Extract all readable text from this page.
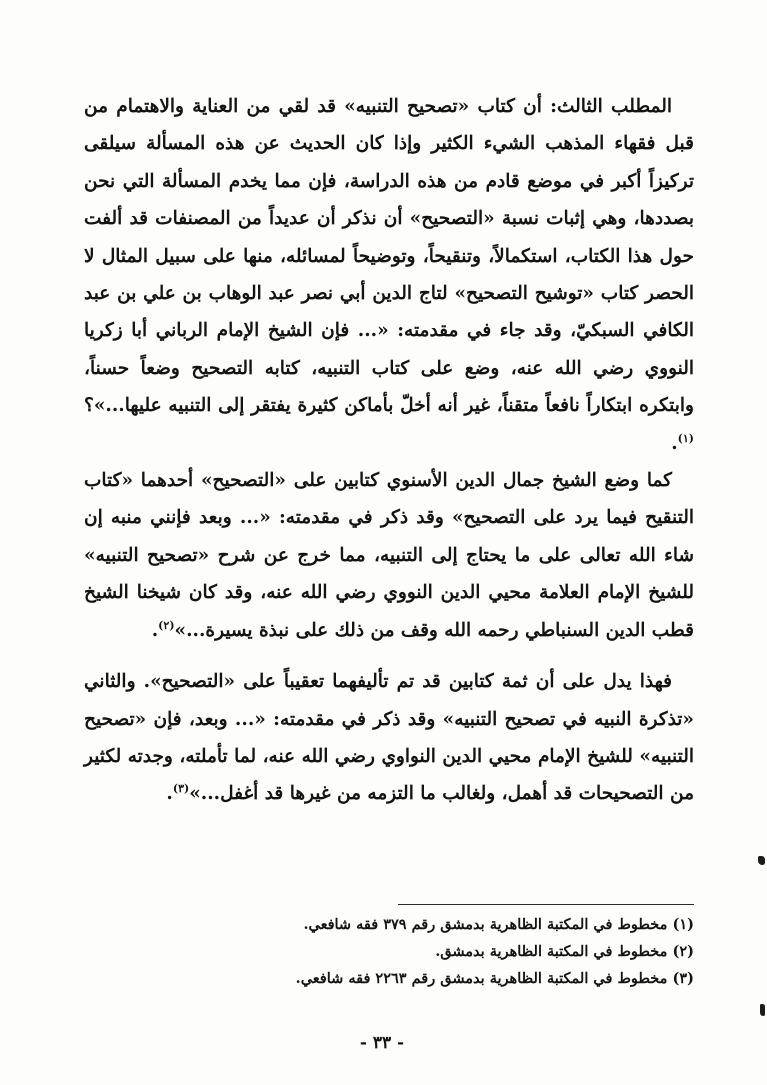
المطلب الثالث: أن كتاب «تصحيح التنبيه» قد لقي من العناية والاهتمام من قبل فقهاء المذهب الشيء الكثير وإذا كان الحديث عن هذه المسألة سيلقى تركيزاً أكبر في موضع قادم من هذه الدراسة، فإن مما يخدم المسألة التي نحن بصددها، وهي إثبات نسبة «التصحيح» أن نذكر أن عديداً من المصنفات قد ألفت حول هذا الكتاب، استكمالاً، وتنقيحاً، وتوضيحاً لمسائله، منها على سبيل المثال لا الحصر كتاب «توشيح التصحيح» لتاج الدين أبي نصر عبد الوهاب بن علي بن عبد الكافي السبكيّ، وقد جاء في مقدمته: «... فإن الشيخ الإمام الرباني أبا زكريا النووي رضي الله عنه، وضع على كتاب التنبيه، كتابه التصحيح وضعاً حسناً، وابتكره ابتكاراً نافعاً متقناً، غير أنه أخلّ بأماكن كثيرة يفتقر إلى التنبيه عليها...»؟$^{(١)}$.

كما وضع الشيخ جمال الدين الأسنوي كتابين على «التصحيح» أحدهما «كتاب التنقيح فيما يرد على التصحيح» وقد ذكر في مقدمته: «... وبعد فإنني منبه إن شاء الله تعالى على ما يحتاج إلى التنبيه، مما خرج عن شرح «تصحيح التنبيه» للشيخ الإمام العلامة محيي الدين النووي رضي الله عنه، وقد كان شيخنا الشيخ قطب الدين السنباطي رحمه الله وقف من ذلك على نبذة يسيرة...»$^{(٢)}$.

فهذا يدل على أن ثمة كتابين قد تم تأليفهما تعقيباً على «التصحيح». والثاني «تذكرة النبيه في تصحيح التنبيه» وقد ذكر في مقدمته: «... وبعد، فإن «تصحيح التنبيه» للشيخ الإمام محيي الدين النواوي رضي الله عنه، لما تأملته، وجدته لكثير من التصحيحات قد أهمل، ولغالب ما التزمه من غيرها قد أغفل...»$^{(٣)}$.

(١) مخطوط في المكتبة الظاهرية بدمشق رقم ٣٧٩ فقه شافعي.

(٢) مخطوط في المكتبة الظاهرية بدمشق.

(٣) مخطوط في المكتبة الظاهرية بدمشق رقم ٢٢٦٣ فقه شافعي.

- ٣٣ -
